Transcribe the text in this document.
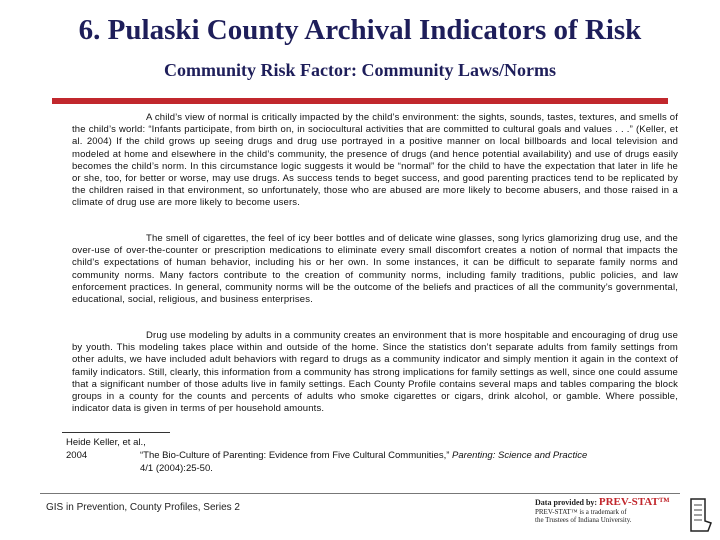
6. Pulaski County Archival Indicators of Risk
Community Risk Factor: Community Laws/Norms

A child’s view of normal is critically impacted by the child’s environment: the sights, sounds, tastes, textures, and smells of the child’s world: “Infants participate, from birth on, in sociocultural activities that are committed to cultural goals and values . . .” (Keller, et al. 2004) If the child grows up seeing drugs and drug use portrayed in a positive manner on local billboards and local television and modeled at home and elsewhere in the child’s community, the presence of drugs (and hence potential availability) and use of drugs easily becomes the child’s norm. In this circumstance logic suggests it would be “normal” for the child to have the expectation that later in life he or she, too, for better or worse, may use drugs. As success tends to beget success, and good parenting practices tend to be replicated by the children raised in that environment, so unfortunately, those who are abused are more likely to become abusers, and those raised in a climate of drug use are more likely to become users.

The smell of cigarettes, the feel of icy beer bottles and of delicate wine glasses, song lyrics glamorizing drug use, and the over-use of over-the-counter or prescription medications to eliminate every small discomfort creates a notion of normal that impacts the child’s expectations of human behavior, including his or her own. In some instances, it can be difficult to separate family norms and community norms. Many factors contribute to the creation of community norms, including family traditions, public policies, and law enforcement practices. In general, community norms will be the outcome of the beliefs and practices of all the community’s governmental, educational, social, religious, and business enterprises.

Drug use modeling by adults in a community creates an environment that is more hospitable and encouraging of drug use by youth. This modeling takes place within and outside of the home. Since the statistics don’t separate adults from family settings from other adults, we have included adult behaviors with regard to drugs as a community indicator and simply mention it again in the context of family indicators. Still, clearly, this information from a community has strong implications for family settings as well, since one could assume that a significant number of those adults live in family settings. Each County Profile contains several maps and tables comparing the block groups in a county for the counts and percents of adults who smoke cigarettes or cigars, drink alcohol, or gamble. Where possible, indicator data is given in terms of per household amounts.

Heide Keller, et al.,
2004	“The Bio-Culture of Parenting: Evidence from Five Cultural Communities,” Parenting: Science and Practice
4/1 (2004):25-50.
GIS in Prevention, County Profiles, Series 2	Data provided by: PREV-STAT™
PREV-STAT™ is a trademark of
the Trustees of Indiana University.
